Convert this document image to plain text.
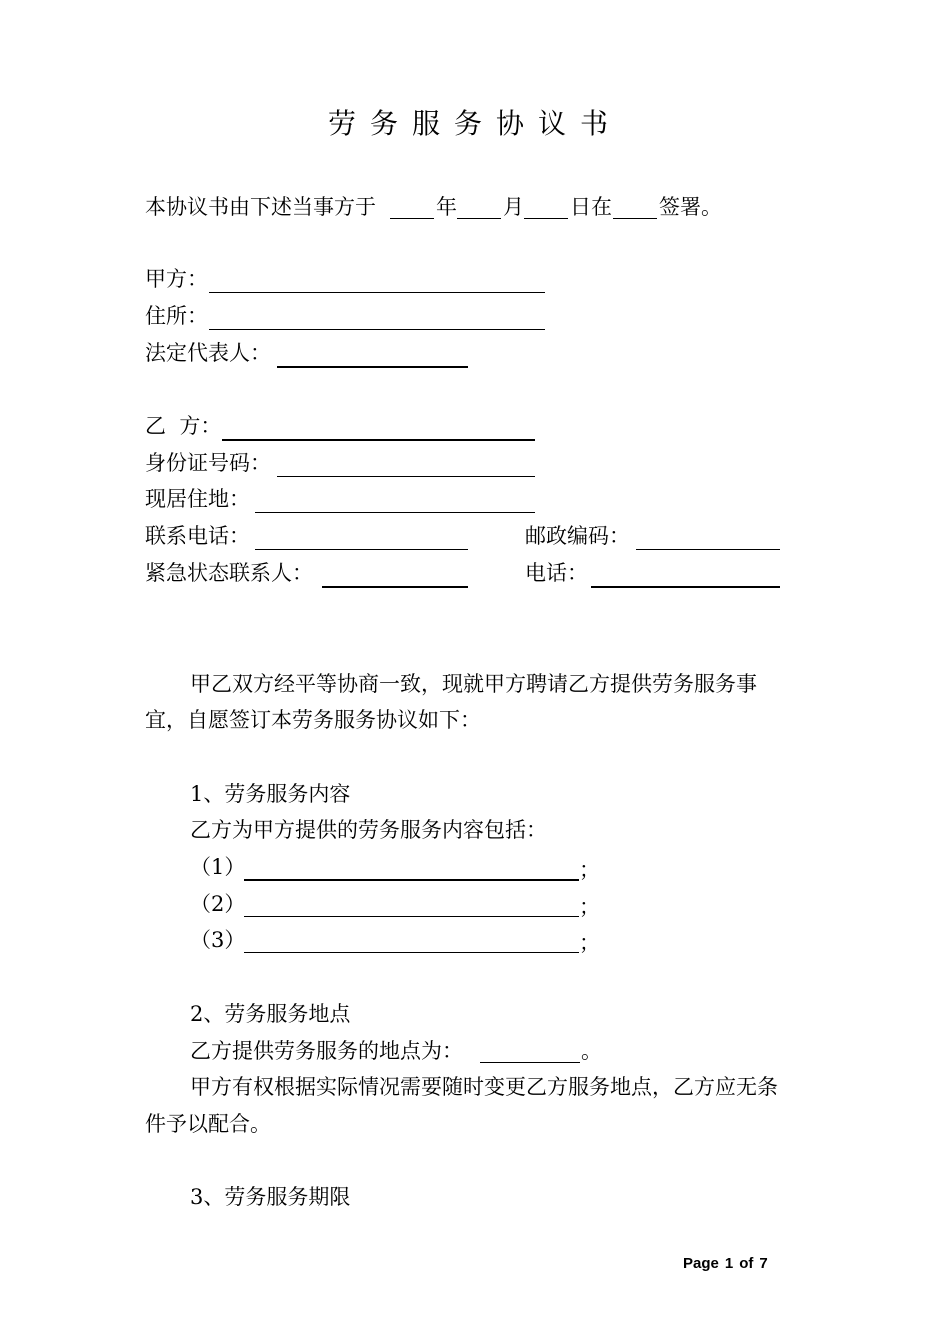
劳务服务协议书
本协议书由下述当事方于	年 月 日在 签署。
甲方：
住所：
法定代表人：
乙  方：
身份证号码：
现居住地：
联系电话：	邮政编码：
紧急状态联系人：	电话：
甲乙双方经平等协商一致，现就甲方聘请乙方提供劳务服务事
宜，自愿签订本劳务服务协议如下：
1、劳务服务内容
乙方为甲方提供的劳务服务内容包括：
（1）	；
（2）	；
（3）	；
2、劳务服务地点
乙方提供劳务服务的地点为：	。
甲方有权根据实际情况需要随时变更乙方服务地点，乙方应无条
件予以配合。
3、劳务服务期限
Page 1 of 7
